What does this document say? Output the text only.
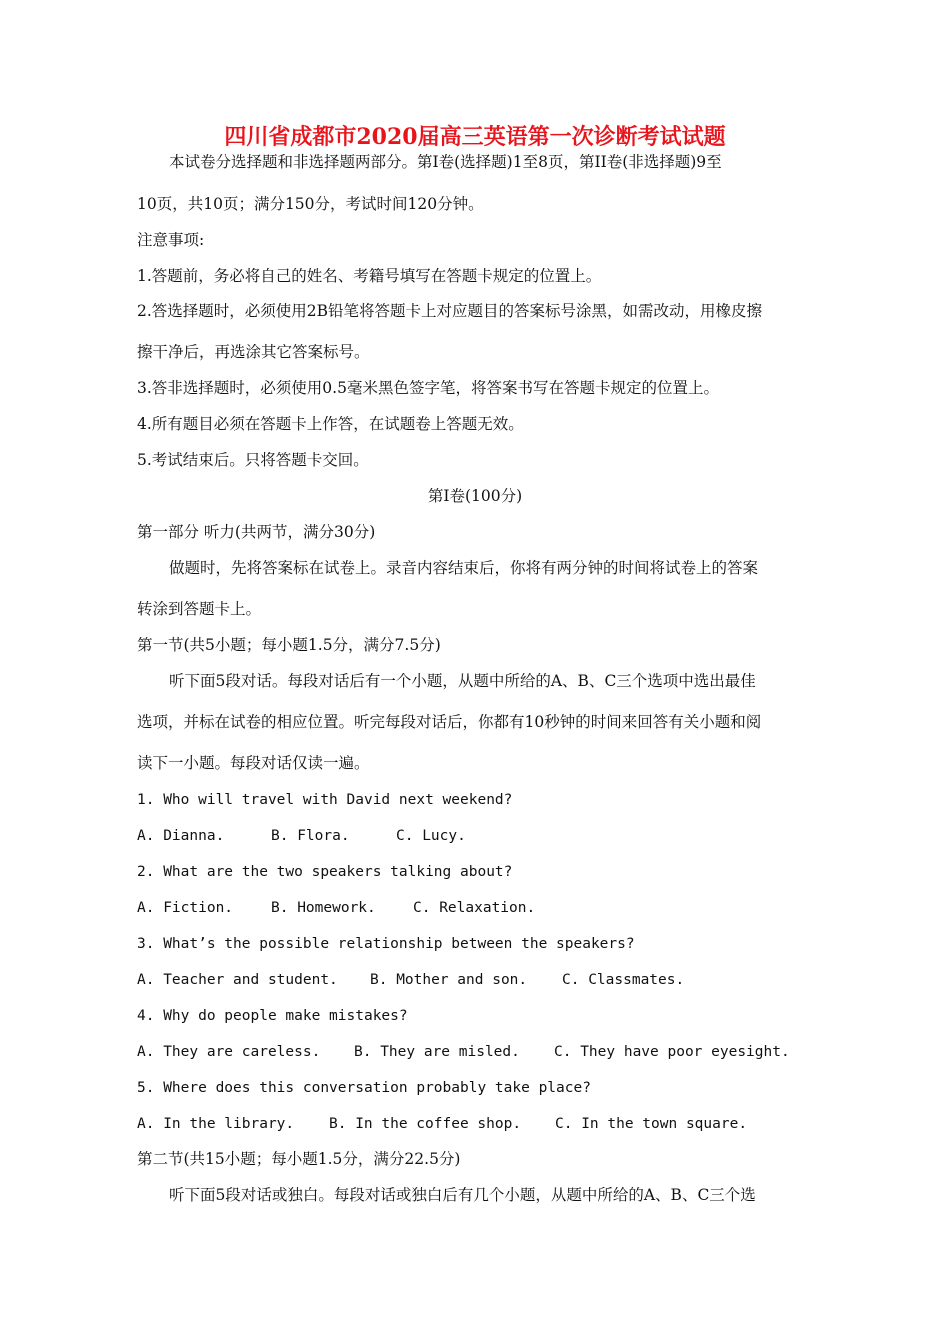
四川省成都市2020届高三英语第一次诊断考试试题
本试卷分选择题和非选择题两部分。第Ⅰ卷(选择题)1至8页，第II卷(非选择题)9至
10页，共10页；满分150分，考试时间120分钟。
注意事项:
1.答题前，务必将自己的姓名、考籍号填写在答题卡规定的位置上。
2.答选择题时，必须使用2B铅笔将答题卡上对应题目的答案标号涂黑，如需改动，用橡皮擦
擦干净后，再选涂其它答案标号。
3.答非选择题时，必须使用0.5毫米黑色签字笔，将答案书写在答题卡规定的位置上。
4.所有题目必须在答题卡上作答，在试题卷上答题无效。
5.考试结束后。只将答题卡交回。
第Ⅰ卷(100分)
第一部分 听力(共两节，满分30分)
做题时，先将答案标在试卷上。录音内容结束后，你将有两分钟的时间将试卷上的答案
转涂到答题卡上。
第一节(共5小题；每小题1.5分，满分7.5分)
听下面5段对话。每段对话后有一个小题，从题中所给的A、B、C三个选项中选出最佳
选项，并标在试卷的相应位置。听完每段对话后，你都有10秒钟的时间来回答有关小题和阅
读下一小题。每段对话仅读一遍。
1. Who will travel with David next weekend?
A. Dianna.	B. Flora.	C. Lucy.
2. What are the two speakers talking about?
A. Fiction.	B. Homework.	C. Relaxation.
3. What’s the possible relationship between the speakers?
A. Teacher and student. B. Mother and son. C. Classmates.
4. Why do people make mistakes?
A. They are careless. B. They are misled. C. They have poor eyesight.
5. Where does this conversation probably take place?
A. In the library. B. In the coffee shop. C. In the town square.
第二节(共15小题；每小题1.5分，满分22.5分)
听下面5段对话或独白。每段对话或独白后有几个小题，从题中所给的A、B、C三个选
